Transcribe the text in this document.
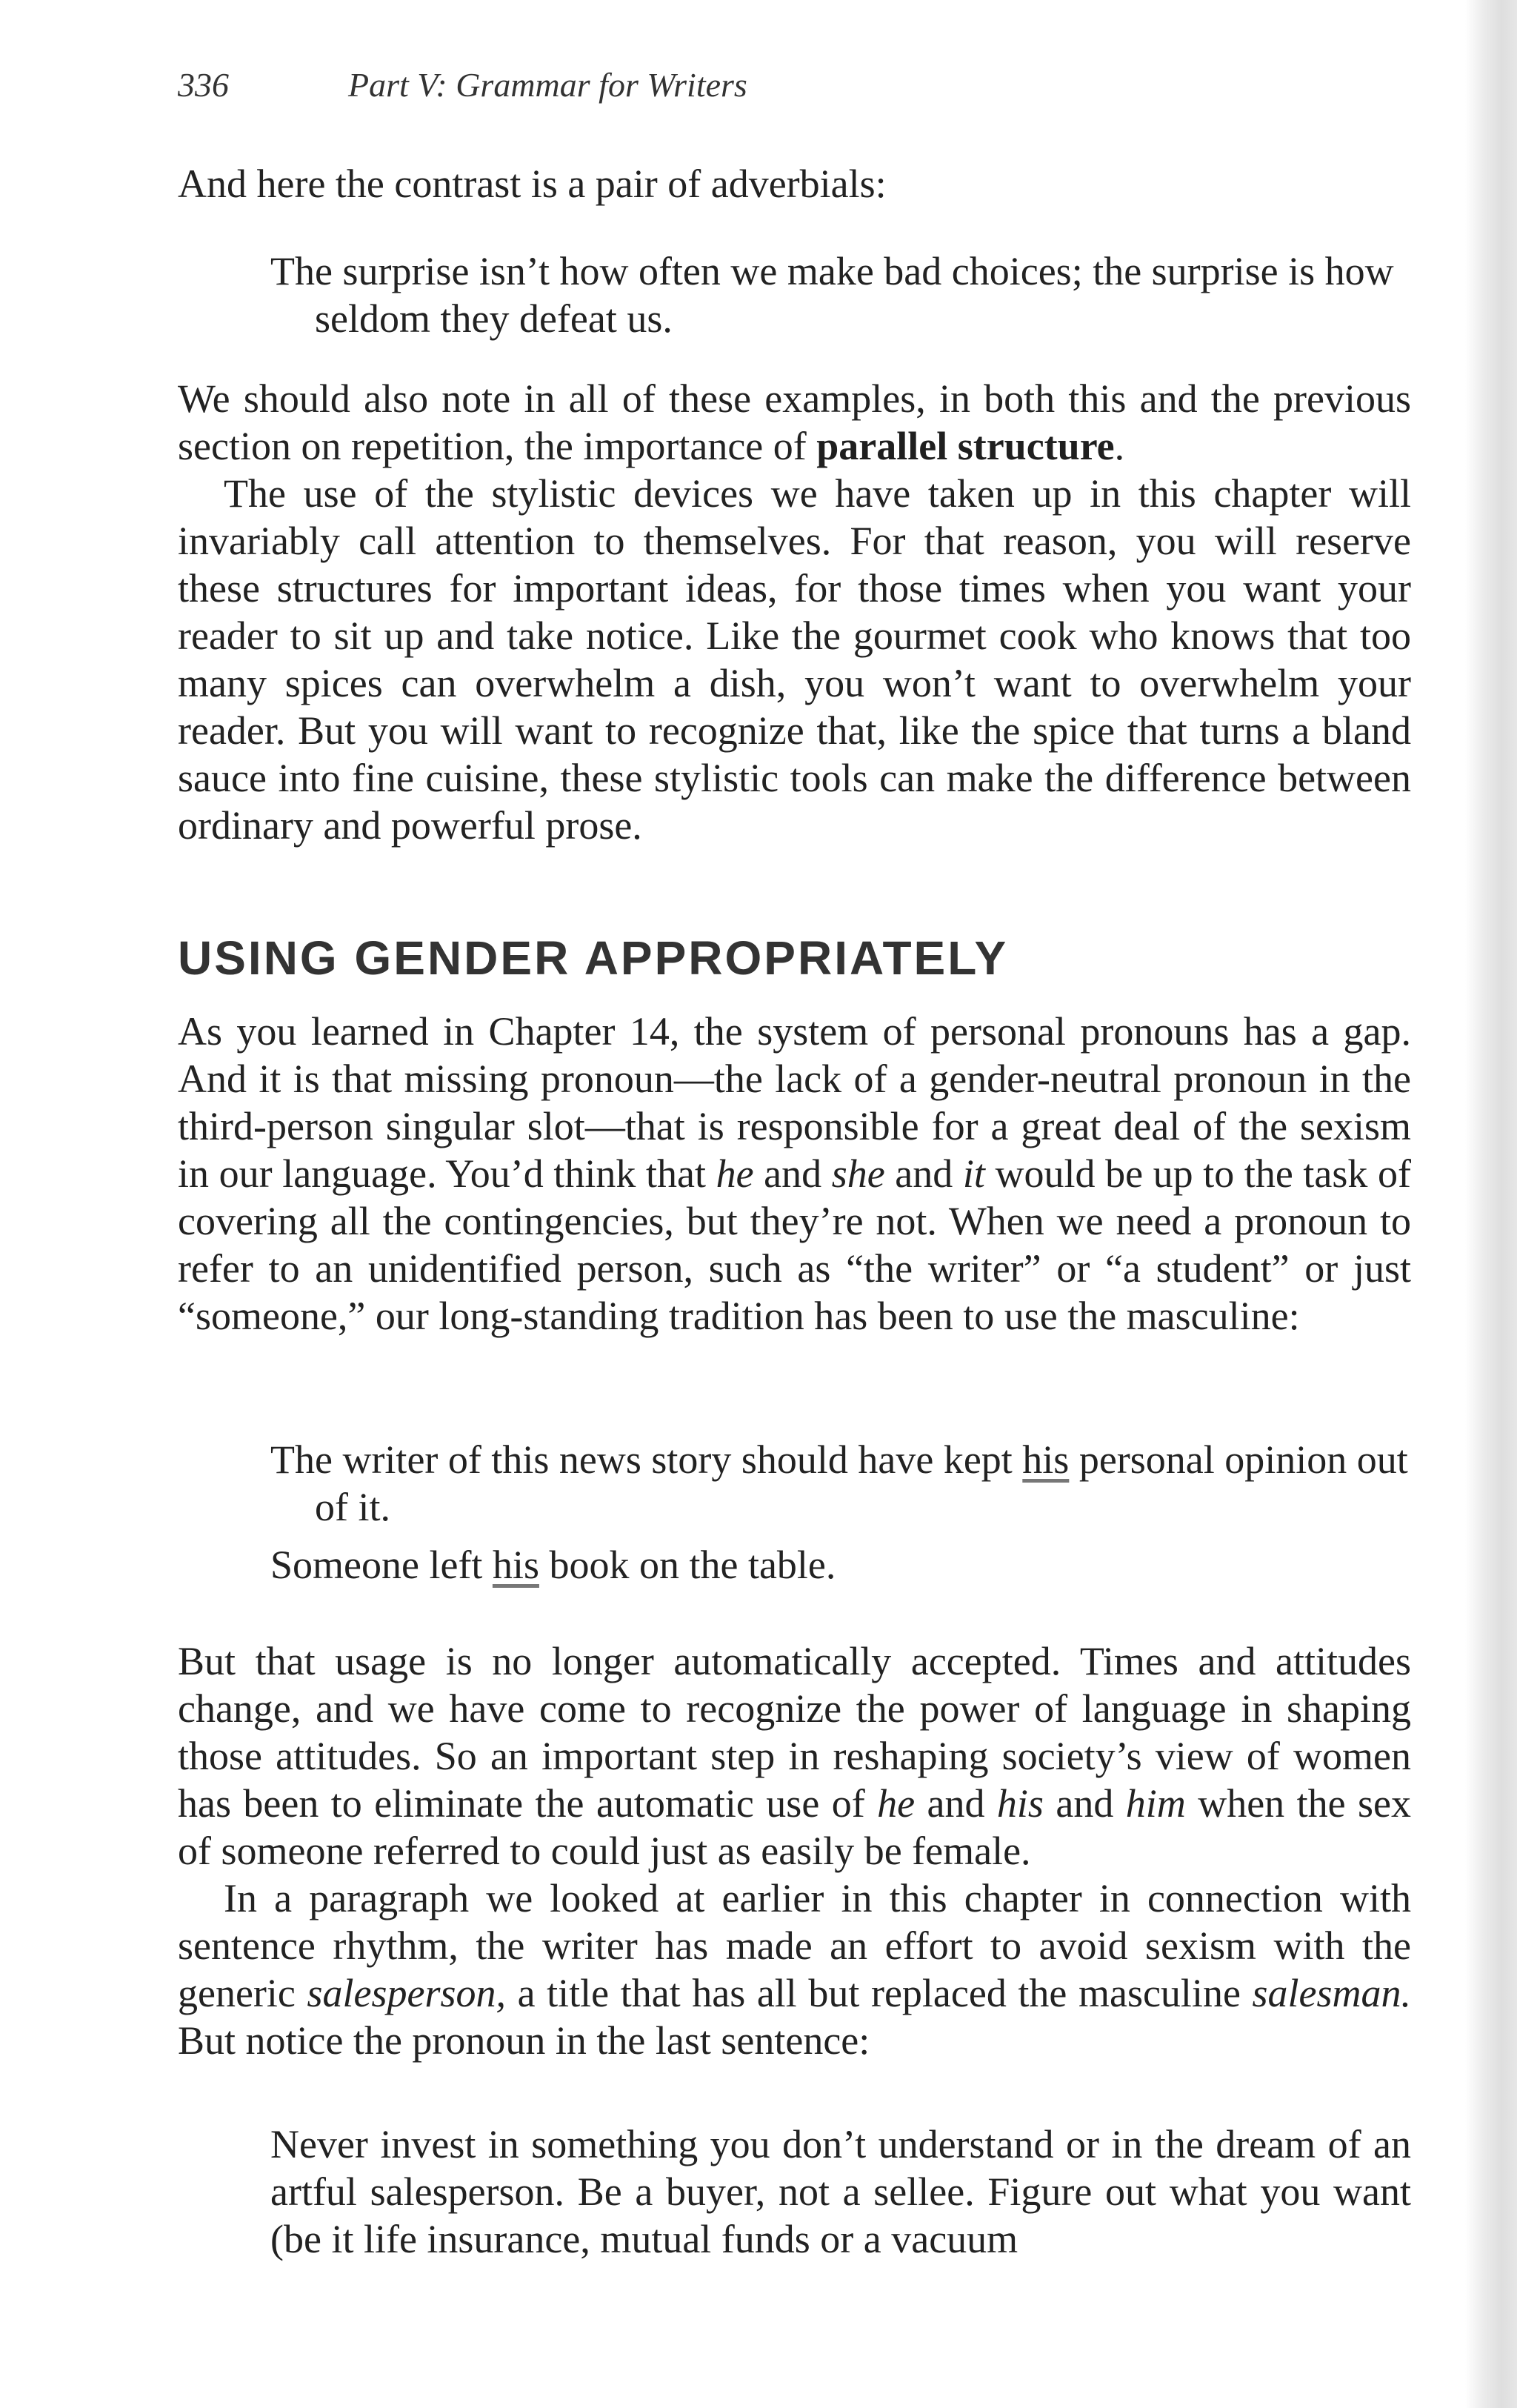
336	Part V: Grammar for Writers

And here the contrast is a pair of adverbials:

The surprise isn’t how often we make bad choices; the surprise is how seldom they defeat us.

We should also note in all of these examples, in both this and the previous section on repetition, the importance of parallel structure.

The use of the stylistic devices we have taken up in this chapter will invariably call attention to themselves. For that reason, you will reserve these structures for important ideas, for those times when you want your reader to sit up and take notice. Like the gourmet cook who knows that too many spices can overwhelm a dish, you won’t want to overwhelm your reader. But you will want to recognize that, like the spice that turns a bland sauce into fine cuisine, these stylistic tools can make the difference between ordinary and powerful prose.

USING GENDER APPROPRIATELY

As you learned in Chapter 14, the system of personal pronouns has a gap. And it is that missing pronoun—the lack of a gender-neutral pronoun in the third-person singular slot—that is responsible for a great deal of the sexism in our language. You’d think that he and she and it would be up to the task of covering all the contingencies, but they’re not. When we need a pronoun to refer to an unidentified person, such as “the writer” or “a student” or just “someone,” our long-standing tradition has been to use the masculine:

The writer of this news story should have kept his personal opinion out of it.

Someone left his book on the table.

But that usage is no longer automatically accepted. Times and attitudes change, and we have come to recognize the power of language in shaping those attitudes. So an important step in reshaping society’s view of women has been to eliminate the automatic use of he and his and him when the sex of someone referred to could just as easily be female.

In a paragraph we looked at earlier in this chapter in connection with sentence rhythm, the writer has made an effort to avoid sexism with the generic salesperson, a title that has all but replaced the masculine salesman. But notice the pronoun in the last sentence:

Never invest in something you don’t understand or in the dream of an artful salesperson. Be a buyer, not a sellee. Figure out what you want (be it life insurance, mutual funds or a vacuum
